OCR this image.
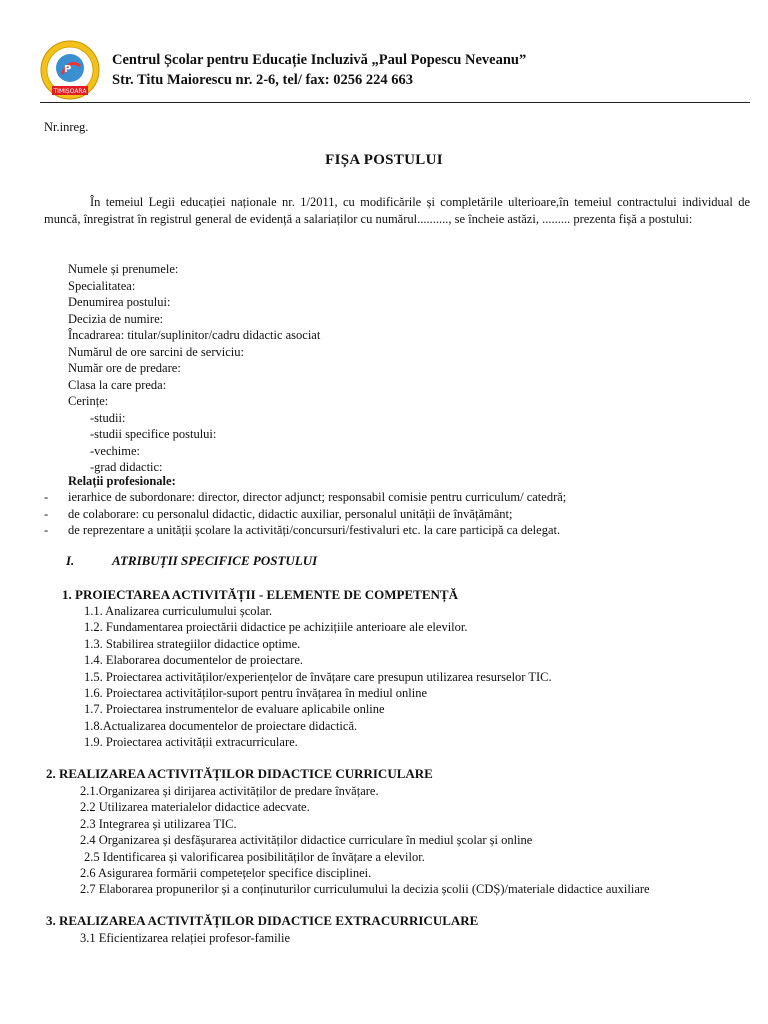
P
TIMIȘOARA
Centrul Școlar pentru Educație Incluzivă „Paul Popescu Neveanu”
Str. Titu Maiorescu nr. 2-6, tel/ fax: 0256 224 663
Nr.inreg.
FIȘA POSTULUI

În temeiul Legii educației naționale nr. 1/2011, cu modificările și completările ulterioare,în temeiul contractului individual de muncă, înregistrat în registrul general de evidență a salariaților cu numărul.........., se încheie astăzi, ......... prezenta fișă a postului:

Numele și prenumele:
Specialitatea:
Denumirea postului:
Decizia de numire:
Încadrarea: titular/suplinitor/cadru didactic asociat
Numărul de ore sarcini de serviciu:
Număr ore de predare:
Clasa la care preda:
Cerințe:
-studii:
-studii specifice postului:
-vechime:
-grad didactic:
Relații profesionale:
- ierarhice de subordonare: director, director adjunct; responsabil comisie pentru curriculum/ catedră;
- de colaborare: cu personalul didactic, didactic auxiliar, personalul unității de învățământ;
- de reprezentare a unității școlare la activități/concursuri/festivaluri etc. la care participă ca delegat.
I.	ATRIBUȚII SPECIFICE POSTULUI
1. PROIECTAREA ACTIVITĂȚII - ELEMENTE DE COMPETENȚĂ
1.1. Analizarea curriculumului școlar.
1.2. Fundamentarea proiectării didactice pe achizițiile anterioare ale elevilor.
1.3. Stabilirea strategiilor didactice optime.
1.4. Elaborarea documentelor de proiectare.
1.5. Proiectarea activităților/experiențelor de învățare care presupun utilizarea resurselor TIC.
1.6. Proiectarea activităților-suport pentru învățarea în mediul online
1.7. Proiectarea instrumentelor de evaluare aplicabile online
1.8.Actualizarea documentelor de proiectare didactică.
1.9. Proiectarea activității extracurriculare.
2. REALIZAREA ACTIVITĂȚILOR DIDACTICE CURRICULARE
2.1.Organizarea și dirijarea activităților de predare învățare.
2.2 Utilizarea materialelor didactice adecvate.
2.3 Integrarea și utilizarea TIC.
2.4 Organizarea și desfășurarea activităților didactice curriculare în mediul școlar și online
2.5 Identificarea și valorificarea posibilităților de învățare a elevilor.
2.6 Asigurarea formării competețelor specifice disciplinei.
2.7 Elaborarea propunerilor și a conținuturilor curriculumului la decizia școlii (CDȘ)/materiale didactice auxiliare
3. REALIZAREA ACTIVITĂȚILOR DIDACTICE EXTRACURRICULARE
3.1 Eficientizarea relației profesor-familie
